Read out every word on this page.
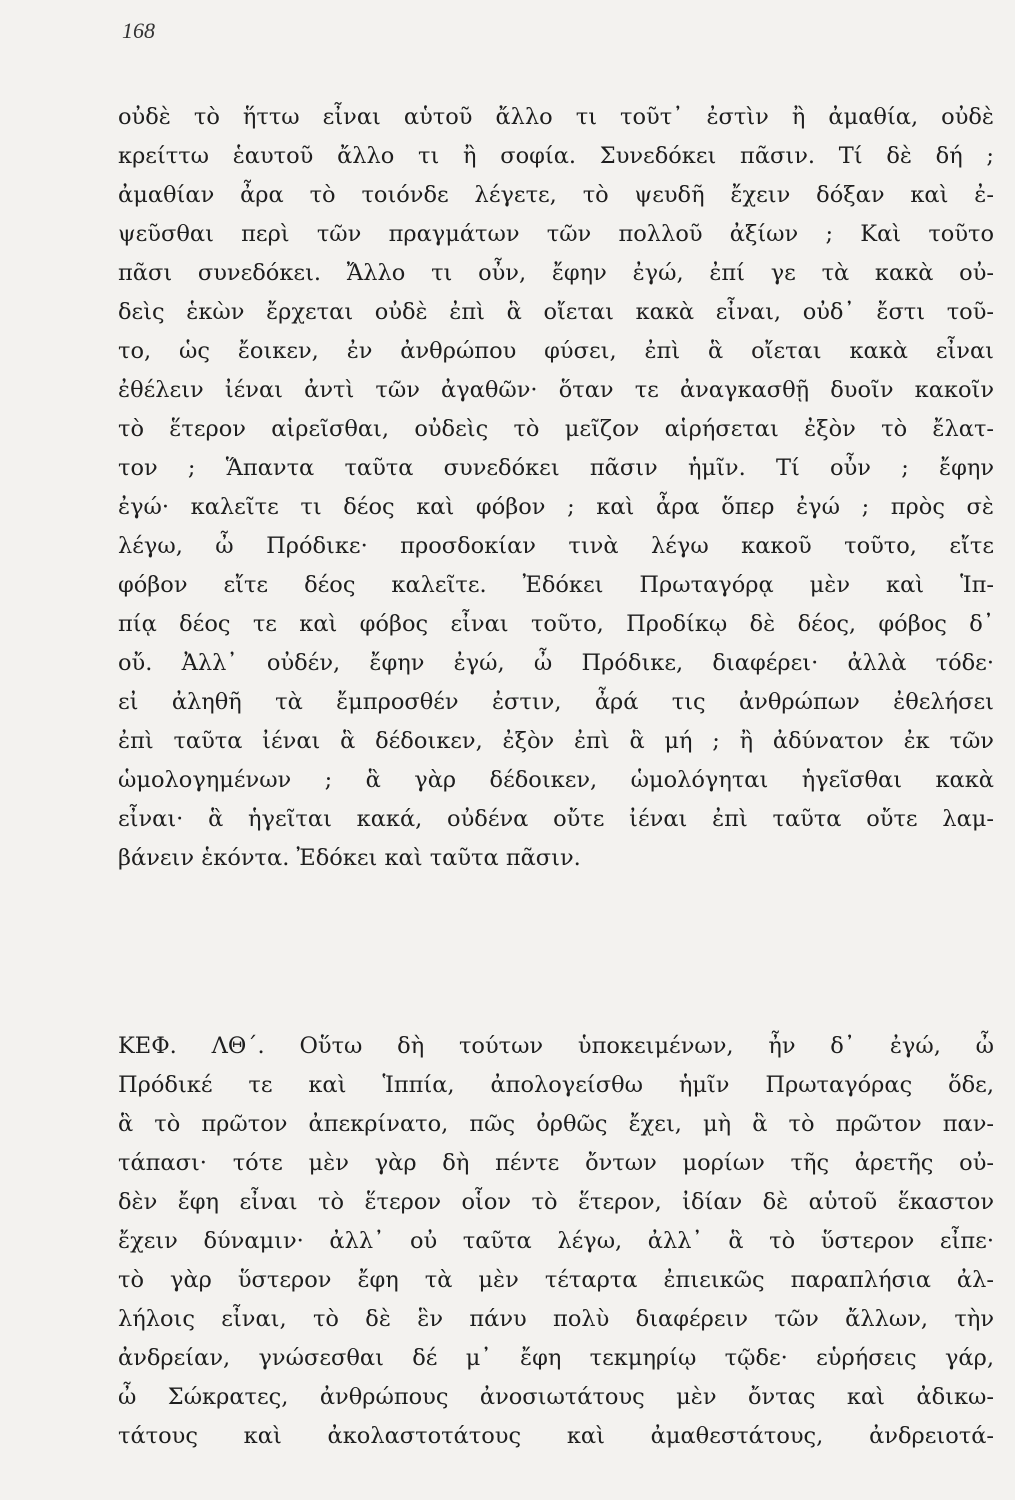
168
οὐδὲ τὸ ἥττω εἶναι αὑτοῦ ἄλλο τι τοῦτ᾽ ἐστὶν ἢ ἀμαθία, οὐδὲ
κρείττω ἑαυτοῦ ἄλλο τι ἢ σοφία. Συνεδόκει πᾶσιν. Τί δὲ δή ;
ἀμαθίαν ἆρα τὸ τοιόνδε λέγετε, τὸ ψευδῆ ἔχειν δόξαν καὶ ἐ-
ψεῦσθαι περὶ τῶν πραγμάτων τῶν πολλοῦ ἀξίων ; Καὶ τοῦτο
πᾶσι συνεδόκει. Ἄλλο τι οὖν, ἔφην ἐγώ, ἐπί γε τὰ κακὰ οὐ-
δεὶς ἑκὼν ἔρχεται οὐδὲ ἐπὶ ἃ οἴεται κακὰ εἶναι, οὐδ᾽ ἔστι τοῦ-
το, ὡς ἔοικεν, ἐν ἀνθρώπου φύσει, ἐπὶ ἃ οἴεται κακὰ εἶναι
ἐθέλειν ἰέναι ἀντὶ τῶν ἀγαθῶν· ὅταν τε ἀναγκασθῇ δυοῖν κακοῖν
τὸ ἕτερον αἱρεῖσθαι, οὐδεὶς τὸ μεῖζον αἱρήσεται ἐξὸν τὸ ἔλατ-
τον ; Ἅπαντα ταῦτα συνεδόκει πᾶσιν ἡμῖν. Τί οὖν ; ἔφην
ἐγώ· καλεῖτε τι δέος καὶ φόβον ; καὶ ἆρα ὅπερ ἐγώ ; πρὸς σὲ
λέγω, ὦ Πρόδικε· προσδοκίαν τινὰ λέγω κακοῦ τοῦτο, εἴτε
φόβον εἴτε δέος καλεῖτε. Ἐδόκει Πρωταγόρᾳ μὲν καὶ Ἱπ-
πίᾳ δέος τε καὶ φόβος εἶναι τοῦτο, Προδίκῳ δὲ δέος, φόβος δ᾽
οὔ. Ἀλλ᾽ οὐδέν, ἔφην ἐγώ, ὦ Πρόδικε, διαφέρει· ἀλλὰ τόδε·
εἰ ἀληθῆ τὰ ἔμπροσθέν ἐστιν, ἆρά τις ἀνθρώπων ἐθελήσει
ἐπὶ ταῦτα ἰέναι ἃ δέδοικεν, ἐξὸν ἐπὶ ἃ μή ; ἢ ἀδύνατον ἐκ τῶν
ὡμολογημένων ; ἃ γὰρ δέδοικεν, ὡμολόγηται ἡγεῖσθαι κακὰ
εἶναι· ἃ ἡγεῖται κακά, οὐδένα οὔτε ἰέναι ἐπὶ ταῦτα οὔτε λαμ-
βάνειν ἑκόντα. Ἐδόκει καὶ ταῦτα πᾶσιν.
ΚΕΦ. ΛΘ΄. Οὕτω δὴ τούτων ὑποκειμένων, ἦν δ᾽ ἐγώ, ὦ
Πρόδικέ τε καὶ Ἱππία, ἀπολογείσθω ἡμῖν Πρωταγόρας ὅδε,
ἃ τὸ πρῶτον ἀπεκρίνατο, πῶς ὀρθῶς ἔχει, μὴ ἃ τὸ πρῶτον παν-
τάπασι· τότε μὲν γὰρ δὴ πέντε ὄντων μορίων τῆς ἀρετῆς οὐ-
δὲν ἔφη εἶναι τὸ ἕτερον οἷον τὸ ἕτερον, ἰδίαν δὲ αὑτοῦ ἕκαστον
ἔχειν δύναμιν· ἀλλ᾽ οὐ ταῦτα λέγω, ἀλλ᾽ ἃ τὸ ὕστερον εἶπε·
τὸ γὰρ ὕστερον ἔφη τὰ μὲν τέταρτα ἐπιεικῶς παραπλήσια ἀλ-
λήλοις εἶναι, τὸ δὲ ἓν πάνυ πολὺ διαφέρειν τῶν ἄλλων, τὴν
ἀνδρείαν, γνώσεσθαι δέ μ᾽ ἔφη τεκμηρίῳ τῷδε· εὑρήσεις γάρ,
ὦ Σώκρατες, ἀνθρώπους ἀνοσιωτάτους μὲν ὄντας καὶ ἀδικω-
τάτους καὶ ἀκολαστοτάτους καὶ ἀμαθεστάτους, ἀνδρειοτά-
